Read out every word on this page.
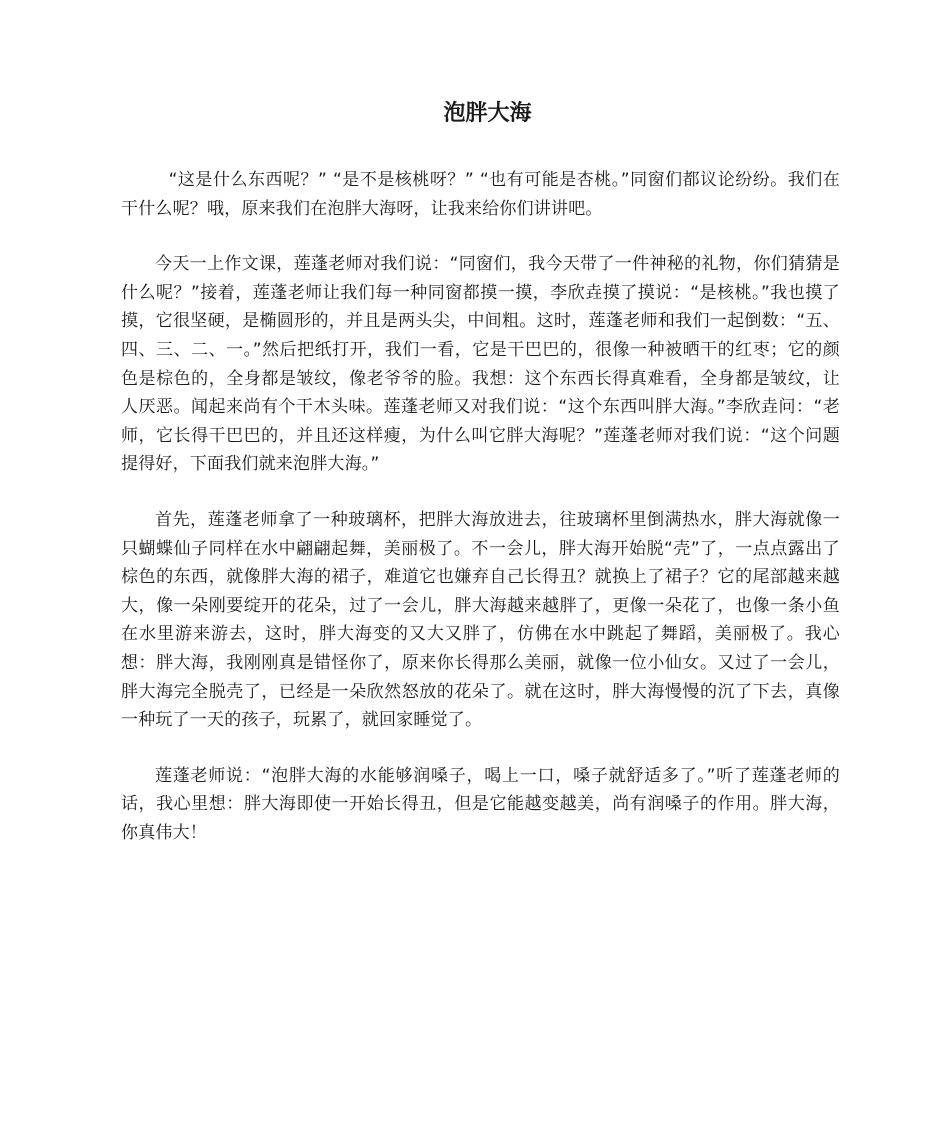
泡胖大海

“这是什么东西呢？” “是不是核桃呀？” “也有可能是杏桃。”同窗们都议论纷纷。我们在干什么呢？哦，原来我们在泡胖大海呀，让我来给你们讲讲吧。

今天一上作文课，莲蓬老师对我们说：“同窗们，我今天带了一件神秘的礼物，你们猜猜是什么呢？”接着，莲蓬老师让我们每一种同窗都摸一摸，李欣垚摸了摸说：“是核桃。”我也摸了摸，它很坚硬，是椭圆形的，并且是两头尖，中间粗。这时，莲蓬老师和我们一起倒数：“五、四、三、二、一。”然后把纸打开，我们一看，它是干巴巴的，很像一种被晒干的红枣；它的颜色是棕色的，全身都是皱纹，像老爷爷的脸。我想：这个东西长得真难看，全身都是皱纹，让人厌恶。闻起来尚有个干木头味。莲蓬老师又对我们说：“这个东西叫胖大海。”李欣垚问：“老师，它长得干巴巴的，并且还这样瘦，为什么叫它胖大海呢？”莲蓬老师对我们说：“这个问题提得好，下面我们就来泡胖大海。”

首先，莲蓬老师拿了一种玻璃杯，把胖大海放进去，往玻璃杯里倒满热水，胖大海就像一只蝴蝶仙子同样在水中翩翩起舞，美丽极了。不一会儿，胖大海开始脱“壳”了，一点点露出了棕色的东西，就像胖大海的裙子，难道它也嫌弃自己长得丑？就换上了裙子？它的尾部越来越大，像一朵刚要绽开的花朵，过了一会儿，胖大海越来越胖了，更像一朵花了，也像一条小鱼在水里游来游去，这时，胖大海变的又大又胖了，仿佛在水中跳起了舞蹈，美丽极了。我心想：胖大海，我刚刚真是错怪你了，原来你长得那么美丽，就像一位小仙女。又过了一会儿，胖大海完全脱壳了，已经是一朵欣然怒放的花朵了。就在这时，胖大海慢慢的沉了下去，真像一种玩了一天的孩子，玩累了，就回家睡觉了。

莲蓬老师说：“泡胖大海的水能够润嗓子，喝上一口，嗓子就舒适多了。”听了莲蓬老师的话，我心里想：胖大海即使一开始长得丑，但是它能越变越美，尚有润嗓子的作用。胖大海，你真伟大！
